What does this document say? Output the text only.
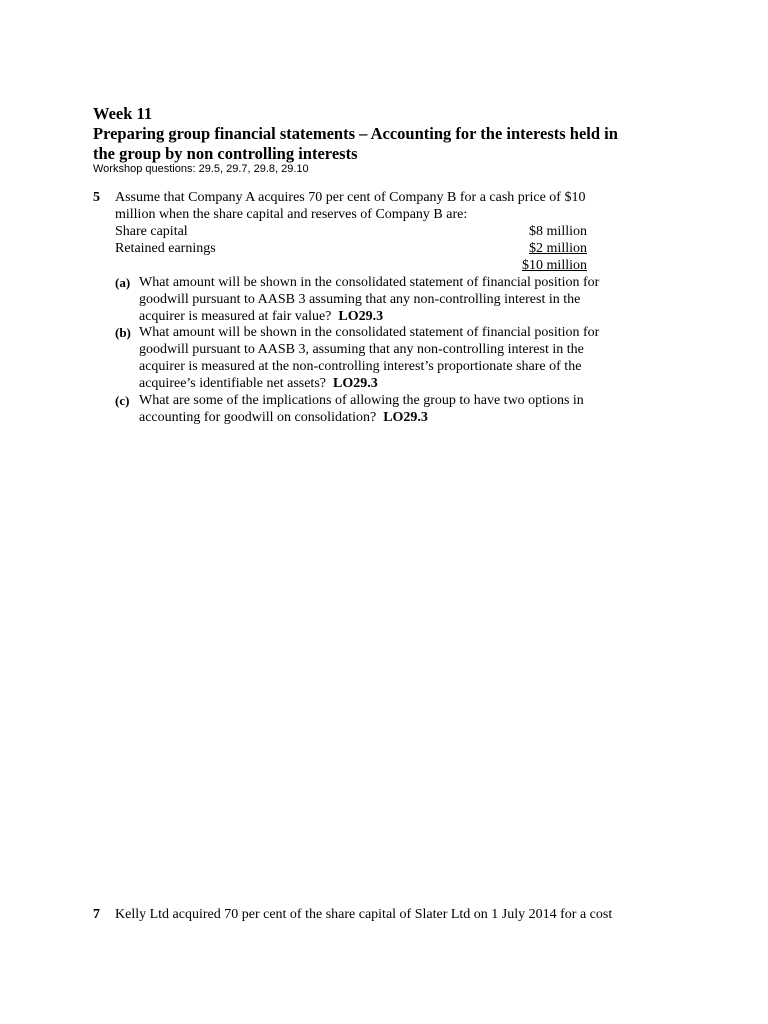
Week 11
Preparing group financial statements – Accounting for the interests held in
the group by non controlling interests
Workshop questions: 29.5, 29.7, 29.8, 29.10
5 Assume that Company A acquires 70 per cent of Company B for a cash price of $10
million when the share capital and reserves of Company B are:
Share capital	$8 million
Retained earnings	$2 million
$10 million
(a) What amount will be shown in the consolidated statement of financial position for
goodwill pursuant to AASB 3 assuming that any non-controlling interest in the
acquirer is measured at fair value? LO29.3
(b) What amount will be shown in the consolidated statement of financial position for
goodwill pursuant to AASB 3, assuming that any non-controlling interest in the
acquirer is measured at the non-controlling interest’s proportionate share of the
acquiree’s identifiable net assets? LO29.3
(c) What are some of the implications of allowing the group to have two options in
accounting for goodwill on consolidation? LO29.3
7 Kelly Ltd acquired 70 per cent of the share capital of Slater Ltd on 1 July 2014 for a cost
